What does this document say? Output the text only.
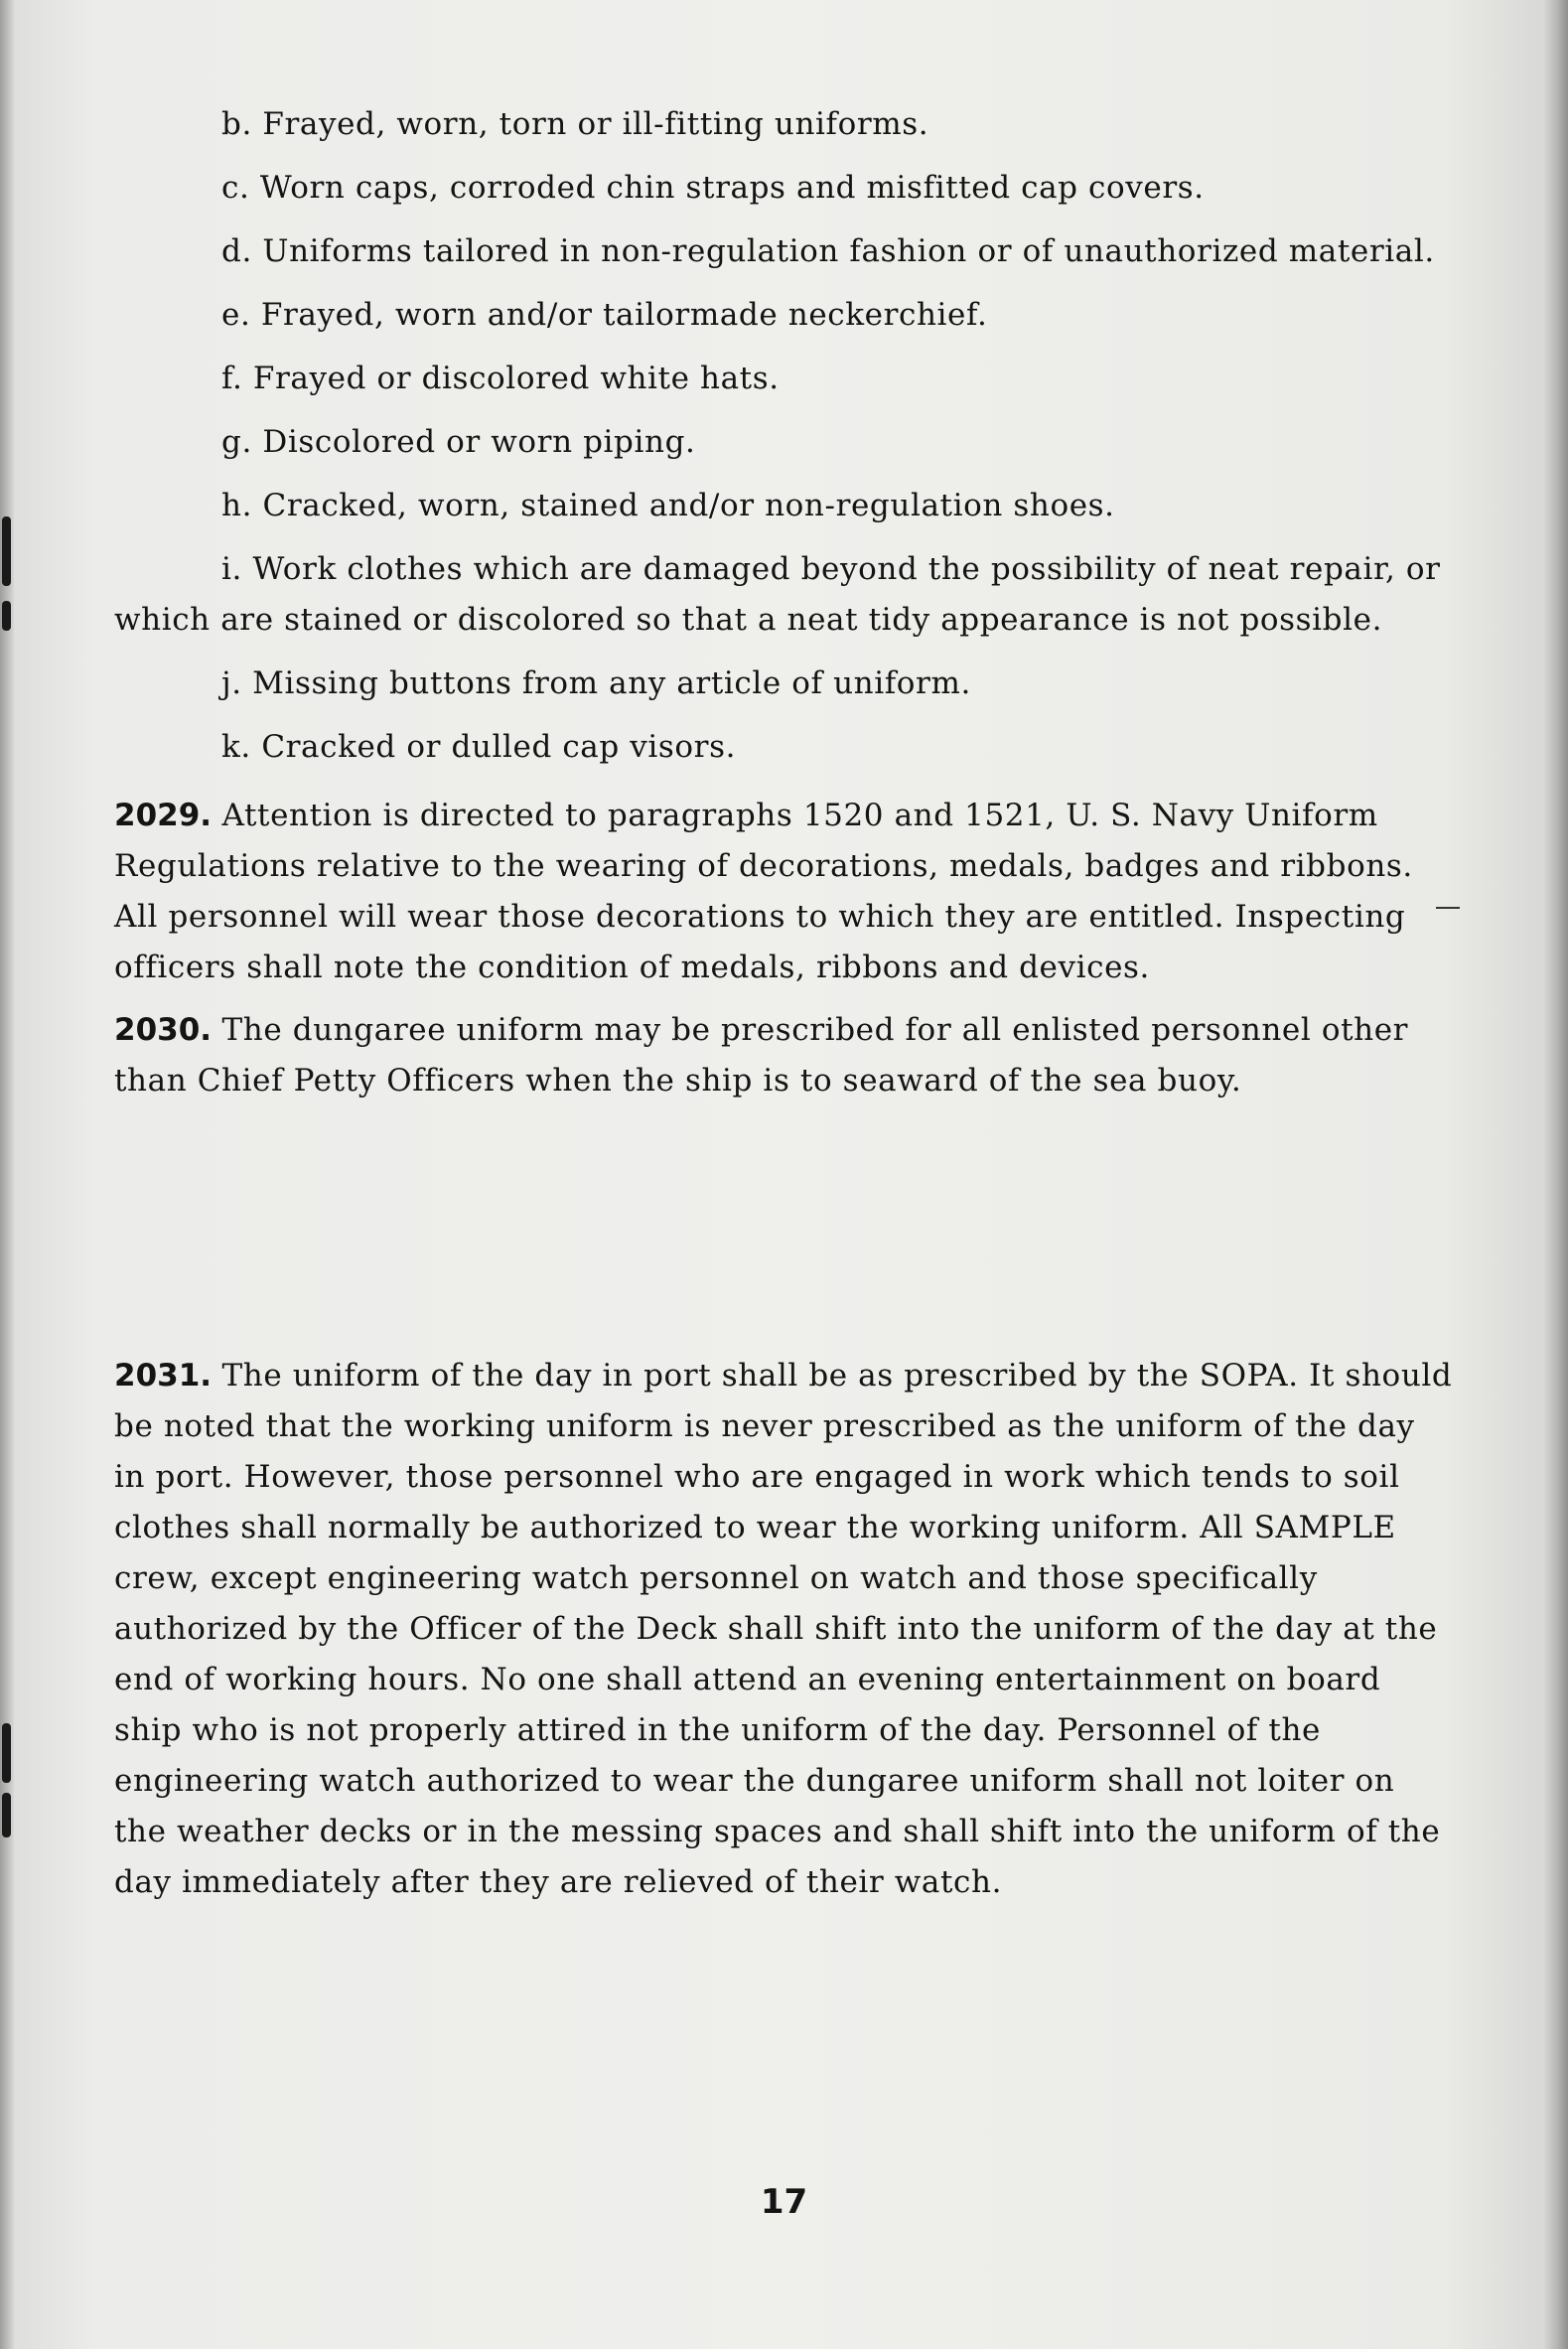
b. Frayed, worn, torn or ill-fitting uniforms.

c. Worn caps, corroded chin straps and misfitted cap covers.

d. Uniforms tailored in non-regulation fashion or of unauthorized material.

e. Frayed, worn and/or tailormade neckerchief.

f. Frayed or discolored white hats.

g. Discolored or worn piping.

h. Cracked, worn, stained and/or non-regulation shoes.

i. Work clothes which are damaged beyond the possibility of neat repair, or which are stained or discolored so that a neat tidy appearance is not possible.

j. Missing buttons from any article of uniform.

k. Cracked or dulled cap visors.

2029. Attention is directed to paragraphs 1520 and 1521, U. S. Navy Uniform Regulations relative to the wearing of decorations, medals, badges and ribbons. All personnel will wear those decorations to which they are entitled. Inspecting officers shall note the condition of medals, ribbons and devices.

2030. The dungaree uniform may be prescribed for all enlisted personnel other than Chief Petty Officers when the ship is to seaward of the sea buoy.

2031. The uniform of the day in port shall be as prescribed by the SOPA. It should be noted that the working uniform is never prescribed as the uniform of the day in port. However, those personnel who are engaged in work which tends to soil clothes shall normally be authorized to wear the working uniform. All SAMPLE crew, except engineering watch personnel on watch and those specifically authorized by the Officer of the Deck shall shift into the uniform of the day at the end of working hours. No one shall attend an evening entertainment on board ship who is not properly attired in the uniform of the day. Personnel of the engineering watch authorized to wear the dungaree uniform shall not loiter on the weather decks or in the messing spaces and shall shift into the uniform of the day immediately after they are relieved of their watch.

17
